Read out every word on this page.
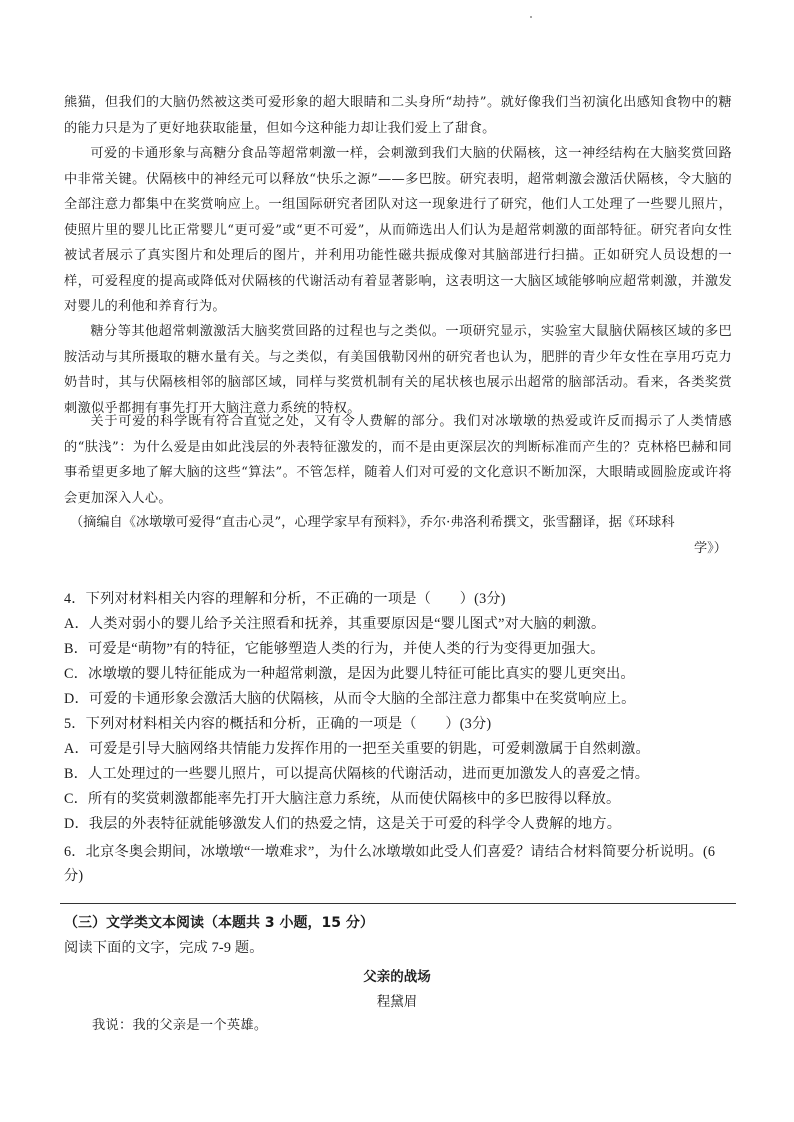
熊猫，但我们的大脑仍然被这类可爱形象的超大眼睛和二头身所“劫持”。就好像我们当初演化出感知食物中的糖的能力只是为了更好地获取能量，但如今这种能力却让我们爱上了甜食。

可爱的卡通形象与高糖分食品等超常刺激一样，会刺激到我们大脑的伏隔核，这一神经结构在大脑奖赏回路中非常关键。伏隔核中的神经元可以释放“快乐之源”——多巴胺。研究表明，超常刺激会激活伏隔核，令大脑的全部注意力都集中在奖赏响应上。一组国际研究者团队对这一现象进行了研究，他们人工处理了一些婴儿照片，使照片里的婴儿比正常婴儿“更可爱”或“更不可爱”，从而筛选出人们认为是超常刺激的面部特征。研究者向女性被试者展示了真实图片和处理后的图片，并利用功能性磁共振成像对其脑部进行扫描。正如研究人员设想的一样，可爱程度的提高或降低对伏隔核的代谢活动有着显著影响，这表明这一大脑区域能够响应超常刺激，并激发对婴儿的利他和养育行为。

糖分等其他超常刺激激活大脑奖赏回路的过程也与之类似。一项研究显示，实验室大鼠脑伏隔核区域的多巴胺活动与其所摄取的糖水量有关。与之类似，有美国俄勒冈州的研究者也认为，肥胖的青少年女性在享用巧克力奶昔时，其与伏隔核相邻的脑部区域，同样与奖赏机制有关的尾状核也展示出超常的脑部活动。看来，各类奖赏刺激似乎都拥有事先打开大脑注意力系统的特权。

关于可爱的科学既有符合直觉之处，又有令人费解的部分。我们对冰墩墩的热爱或许反而揭示了人类情感的“肤浅”：为什么爱是由如此浅层的外表特征激发的，而不是由更深层次的判断标准而产生的？克林格巴赫和同事希望更多地了解大脑的这些“算法”。不管怎样，随着人们对可爱的文化意识不断加深，大眼睛或圆脸庞或许将会更加深入人心。

（摘编自《冰墩墩可爱得“直击心灵”，心理学家早有预料》，乔尔·弗洛利希撰文，张雪翻译，据《环球科

学》）

4．下列对材料相关内容的理解和分析，不正确的一项是（　　）(3分)

A．人类对弱小的婴儿给予关注照看和抚养，其重要原因是“婴儿图式”对大脑的刺激。

B．可爱是“萌物”有的特征，它能够塑造人类的行为，并使人类的行为变得更加强大。

C．冰墩墩的婴儿特征能成为一种超常刺激，是因为此婴儿特征可能比真实的婴儿更突出。

D．可爱的卡通形象会激活大脑的伏隔核，从而令大脑的全部注意力都集中在奖赏响应上。

5．下列对材料相关内容的概括和分析，正确的一项是（　　）(3分)

A．可爱是引导大脑网络共情能力发挥作用的一把至关重要的钥匙，可爱刺激属于自然刺激。

B．人工处理过的一些婴儿照片，可以提高伏隔核的代谢活动，进而更加激发人的喜爱之情。

C．所有的奖赏刺激都能率先打开大脑注意力系统，从而使伏隔核中的多巴胺得以释放。

D．我层的外表特征就能够激发人们的热爱之情，这是关于可爱的科学令人费解的地方。

6．北京冬奥会期间，冰墩墩“一墩难求”，为什么冰墩墩如此受人们喜爱？请结合材料简要分析说明。(6

分)

（三）文学类文本阅读（本题共 3 小题，15 分）

阅读下面的文字，完成 7-9 题。

父亲的战场

程黛眉

我说：我的父亲是一个英雄。
